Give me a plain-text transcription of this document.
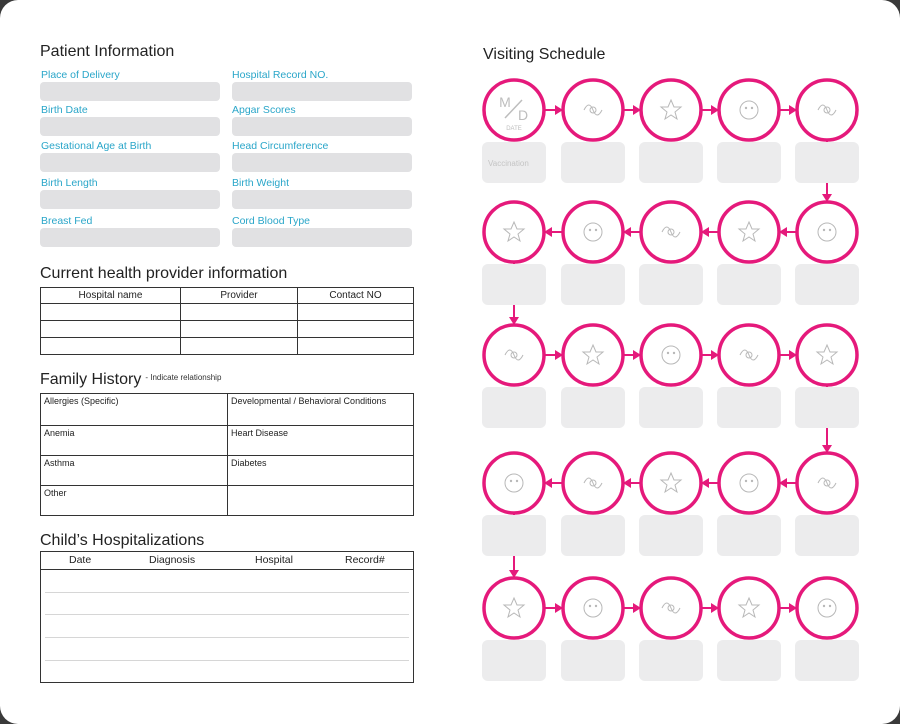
Patient Information
Place of Delivery	Hospital Record NO.
Birth Date	Apgar Scores
Gestational Age at Birth	Head Circumference
Birth Length	Birth Weight
Breast Fed	Cord Blood Type
Current health provider information
Hospital name	Provider	Contact NO

Family History $^{- Indicate relationship}$
Allergies (Specific)	Developmental / Behavioral Conditions
Anemia	Heart Disease
Asthma	Diabetes
Other	
Child’s Hospitalizations
Date	Diagnosis	Hospital	Record#
Visiting Schedule
M
D
DATE
Vaccination
